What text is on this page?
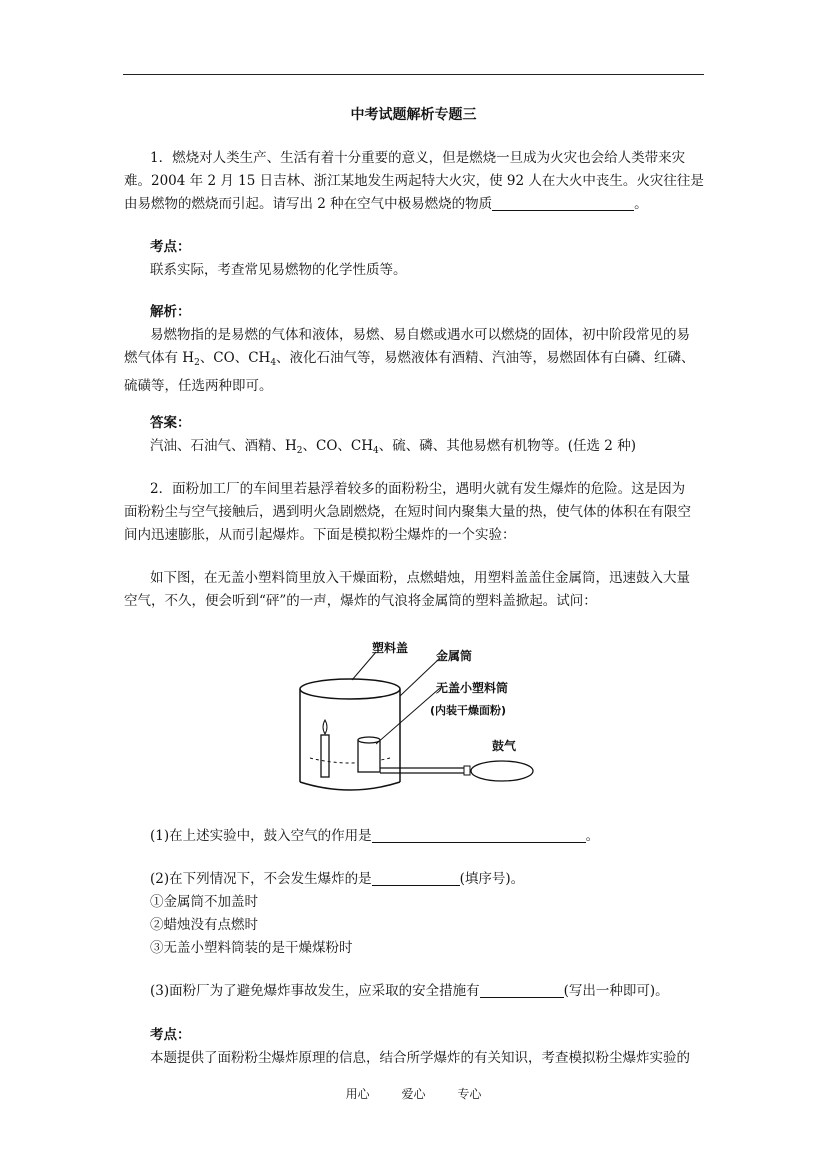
中考试题解析专题三
1．燃烧对人类生产、生活有着十分重要的意义，但是燃烧一旦成为火灾也会给人类带来灾
难。2004 年 2 月 15 日吉林、浙江某地发生两起特大火灾，使 92 人在大火中丧生。火灾往往是
由易燃物的燃烧而引起。请写出 2 种在空气中极易燃烧的物质	。
考点：
联系实际，考查常见易燃物的化学性质等。
解析：
易燃物指的是易燃的气体和液体，易燃、易自燃或遇水可以燃烧的固体，初中阶段常见的易
燃气体有 $H_2$、CO、$CH_4$、液化石油气等，易燃液体有酒精、汽油等，易燃固体有白磷、红磷、
硫磺等，任选两种即可。
答案：
汽油、石油气、酒精、$H_2$、CO、$CH_4$、硫、磷、其他易燃有机物等。(任选 2 种)
2．面粉加工厂的车间里若悬浮着较多的面粉粉尘，遇明火就有发生爆炸的危险。这是因为
面粉粉尘与空气接触后，遇到明火急剧燃烧，在短时间内聚集大量的热，使气体的体积在有限空
间内迅速膨胀，从而引起爆炸。下面是模拟粉尘爆炸的一个实验：
如下图，在无盖小塑料筒里放入干燥面粉，点燃蜡烛，用塑料盖盖住金属筒，迅速鼓入大量
空气，不久，便会听到“砰”的一声，爆炸的气浪将金属筒的塑料盖掀起。试问：
塑料盖
金属筒
无盖小塑料筒
(内装干燥面粉)
鼓气
(1)在上述实验中，鼓入空气的作用是	。
(2)在下列情况下，不会发生爆炸的是	(填序号)。
①金属筒不加盖时
②蜡烛没有点燃时
③无盖小塑料筒装的是干燥煤粉时
(3)面粉厂为了避免爆炸事故发生，应采取的安全措施有	(写出一种即可)。
考点：
本题提供了面粉粉尘爆炸原理的信息，结合所学爆炸的有关知识，考查模拟粉尘爆炸实验的
用心	爱心	专心
